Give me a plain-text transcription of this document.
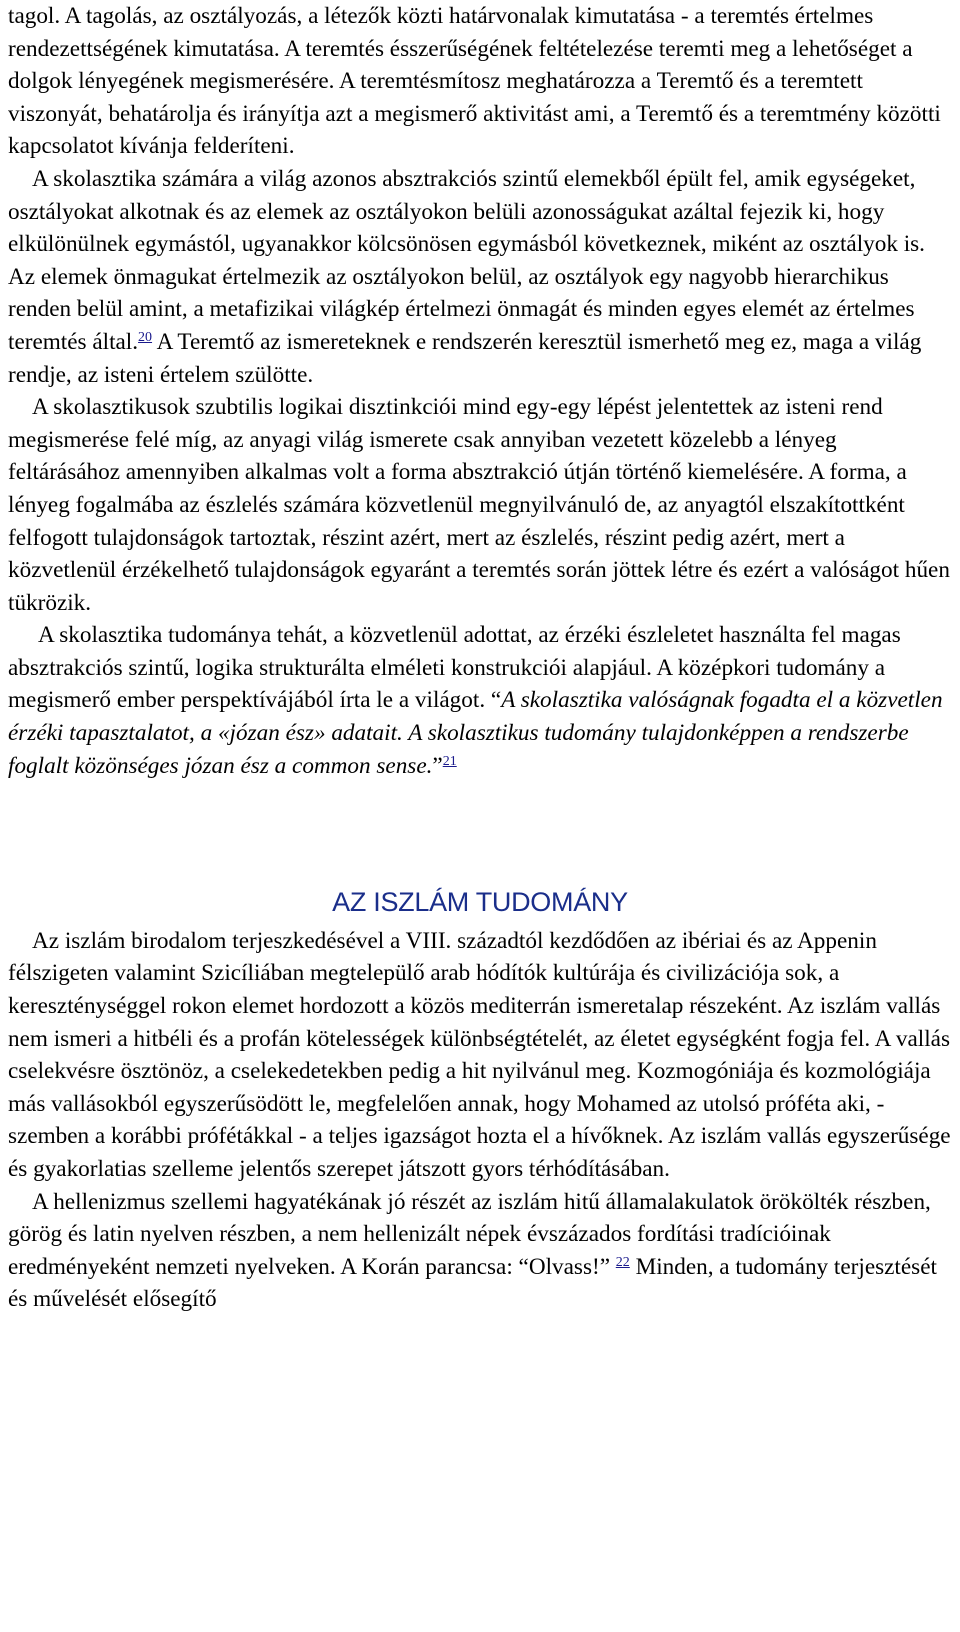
tagol. A tagolás, az osztályozás, a létezők közti határvonalak kimutatása - a teremtés értelmes rendezettségének kimutatása. A teremtés ésszerűségének feltételezése teremti meg a lehetőséget a dolgok lényegének megismerésére. A teremtésmítosz meghatározza a Teremtő és a teremtett viszonyát, behatárolja és irányítja azt a megismerő aktivitást ami, a Teremtő és a teremtmény közötti kapcsolatot kívánja felderíteni.

A skolasztika számára a világ azonos absztrakciós szintű elemekből épült fel, amik egységeket, osztályokat alkotnak és az elemek az osztályokon belüli azonosságukat azáltal fejezik ki, hogy elkülönülnek egymástól, ugyanakkor kölcsönösen egymásból következnek, miként az osztályok is. Az elemek önmagukat értelmezik az osztályokon belül, az osztályok egy nagyobb hierarchikus renden belül amint, a metafizikai világkép értelmezi önmagát és minden egyes elemét az értelmes teremtés által.$^{20}$ A Teremtő az ismereteknek e rendszerén keresztül ismerhető meg ez, maga a világ rendje, az isteni értelem szülötte.

A skolasztikusok szubtilis logikai disztinkciói mind egy-egy lépést jelentettek az isteni rend megismerése felé míg, az anyagi világ ismerete csak annyiban vezetett közelebb a lényeg feltárásához amennyiben alkalmas volt a forma absztrakció útján történő kiemelésére. A forma, a lényeg fogalmába az észlelés számára közvetlenül megnyilvánuló de, az anyagtól elszakítottként felfogott tulajdonságok tartoztak, részint azért, mert az észlelés, részint pedig azért, mert a közvetlenül érzékelhető tulajdonságok egyaránt a teremtés során jöttek létre és ezért a valóságot hűen tükrözik.

A skolasztika tudománya tehát, a közvetlenül adottat, az érzéki észleletet használta fel magas absztrakciós szintű, logika strukturálta elméleti konstrukciói alapjául. A középkori tudomány a megismerő ember perspektívájából írta le a világot. “A skolasztika valóságnak fogadta el a közvetlen érzéki tapasztalatot, a «józan ész» adatait. A skolasztikus tudomány tulajdonképpen a rendszerbe foglalt közönséges józan ész a common sense.”$^{21}$

AZ ISZLÁM TUDOMÁNY

Az iszlám birodalom terjeszkedésével a VIII. századtól kezdődően az ibériai és az Appenin félszigeten valamint Szicíliában megtelepülő arab hódítók kultúrája és civilizációja sok, a kereszténységgel rokon elemet hordozott a közös mediterrán ismeretalap részeként. Az iszlám vallás nem ismeri a hitbéli és a profán kötelességek különbségtételét, az életet egységként fogja fel. A vallás cselekvésre ösztönöz, a cselekedetekben pedig a hit nyilvánul meg. Kozmogóniája és kozmológiája más vallásokból egyszerűsödött le, megfelelően annak, hogy Mohamed az utolsó próféta aki, - szemben a korábbi prófétákkal - a teljes igazságot hozta el a hívőknek. Az iszlám vallás egyszerűsége és gyakorlatias szelleme jelentős szerepet játszott gyors térhódításában.

A hellenizmus szellemi hagyatékának jó részét az iszlám hitű államalakulatok örökölték részben, görög és latin nyelven részben, a nem hellenizált népek évszázados fordítási tradícióinak eredményeként nemzeti nyelveken. A Korán parancsa: “Olvass!” $^{22}$ Minden, a tudomány terjesztését és művelését elősegítő
